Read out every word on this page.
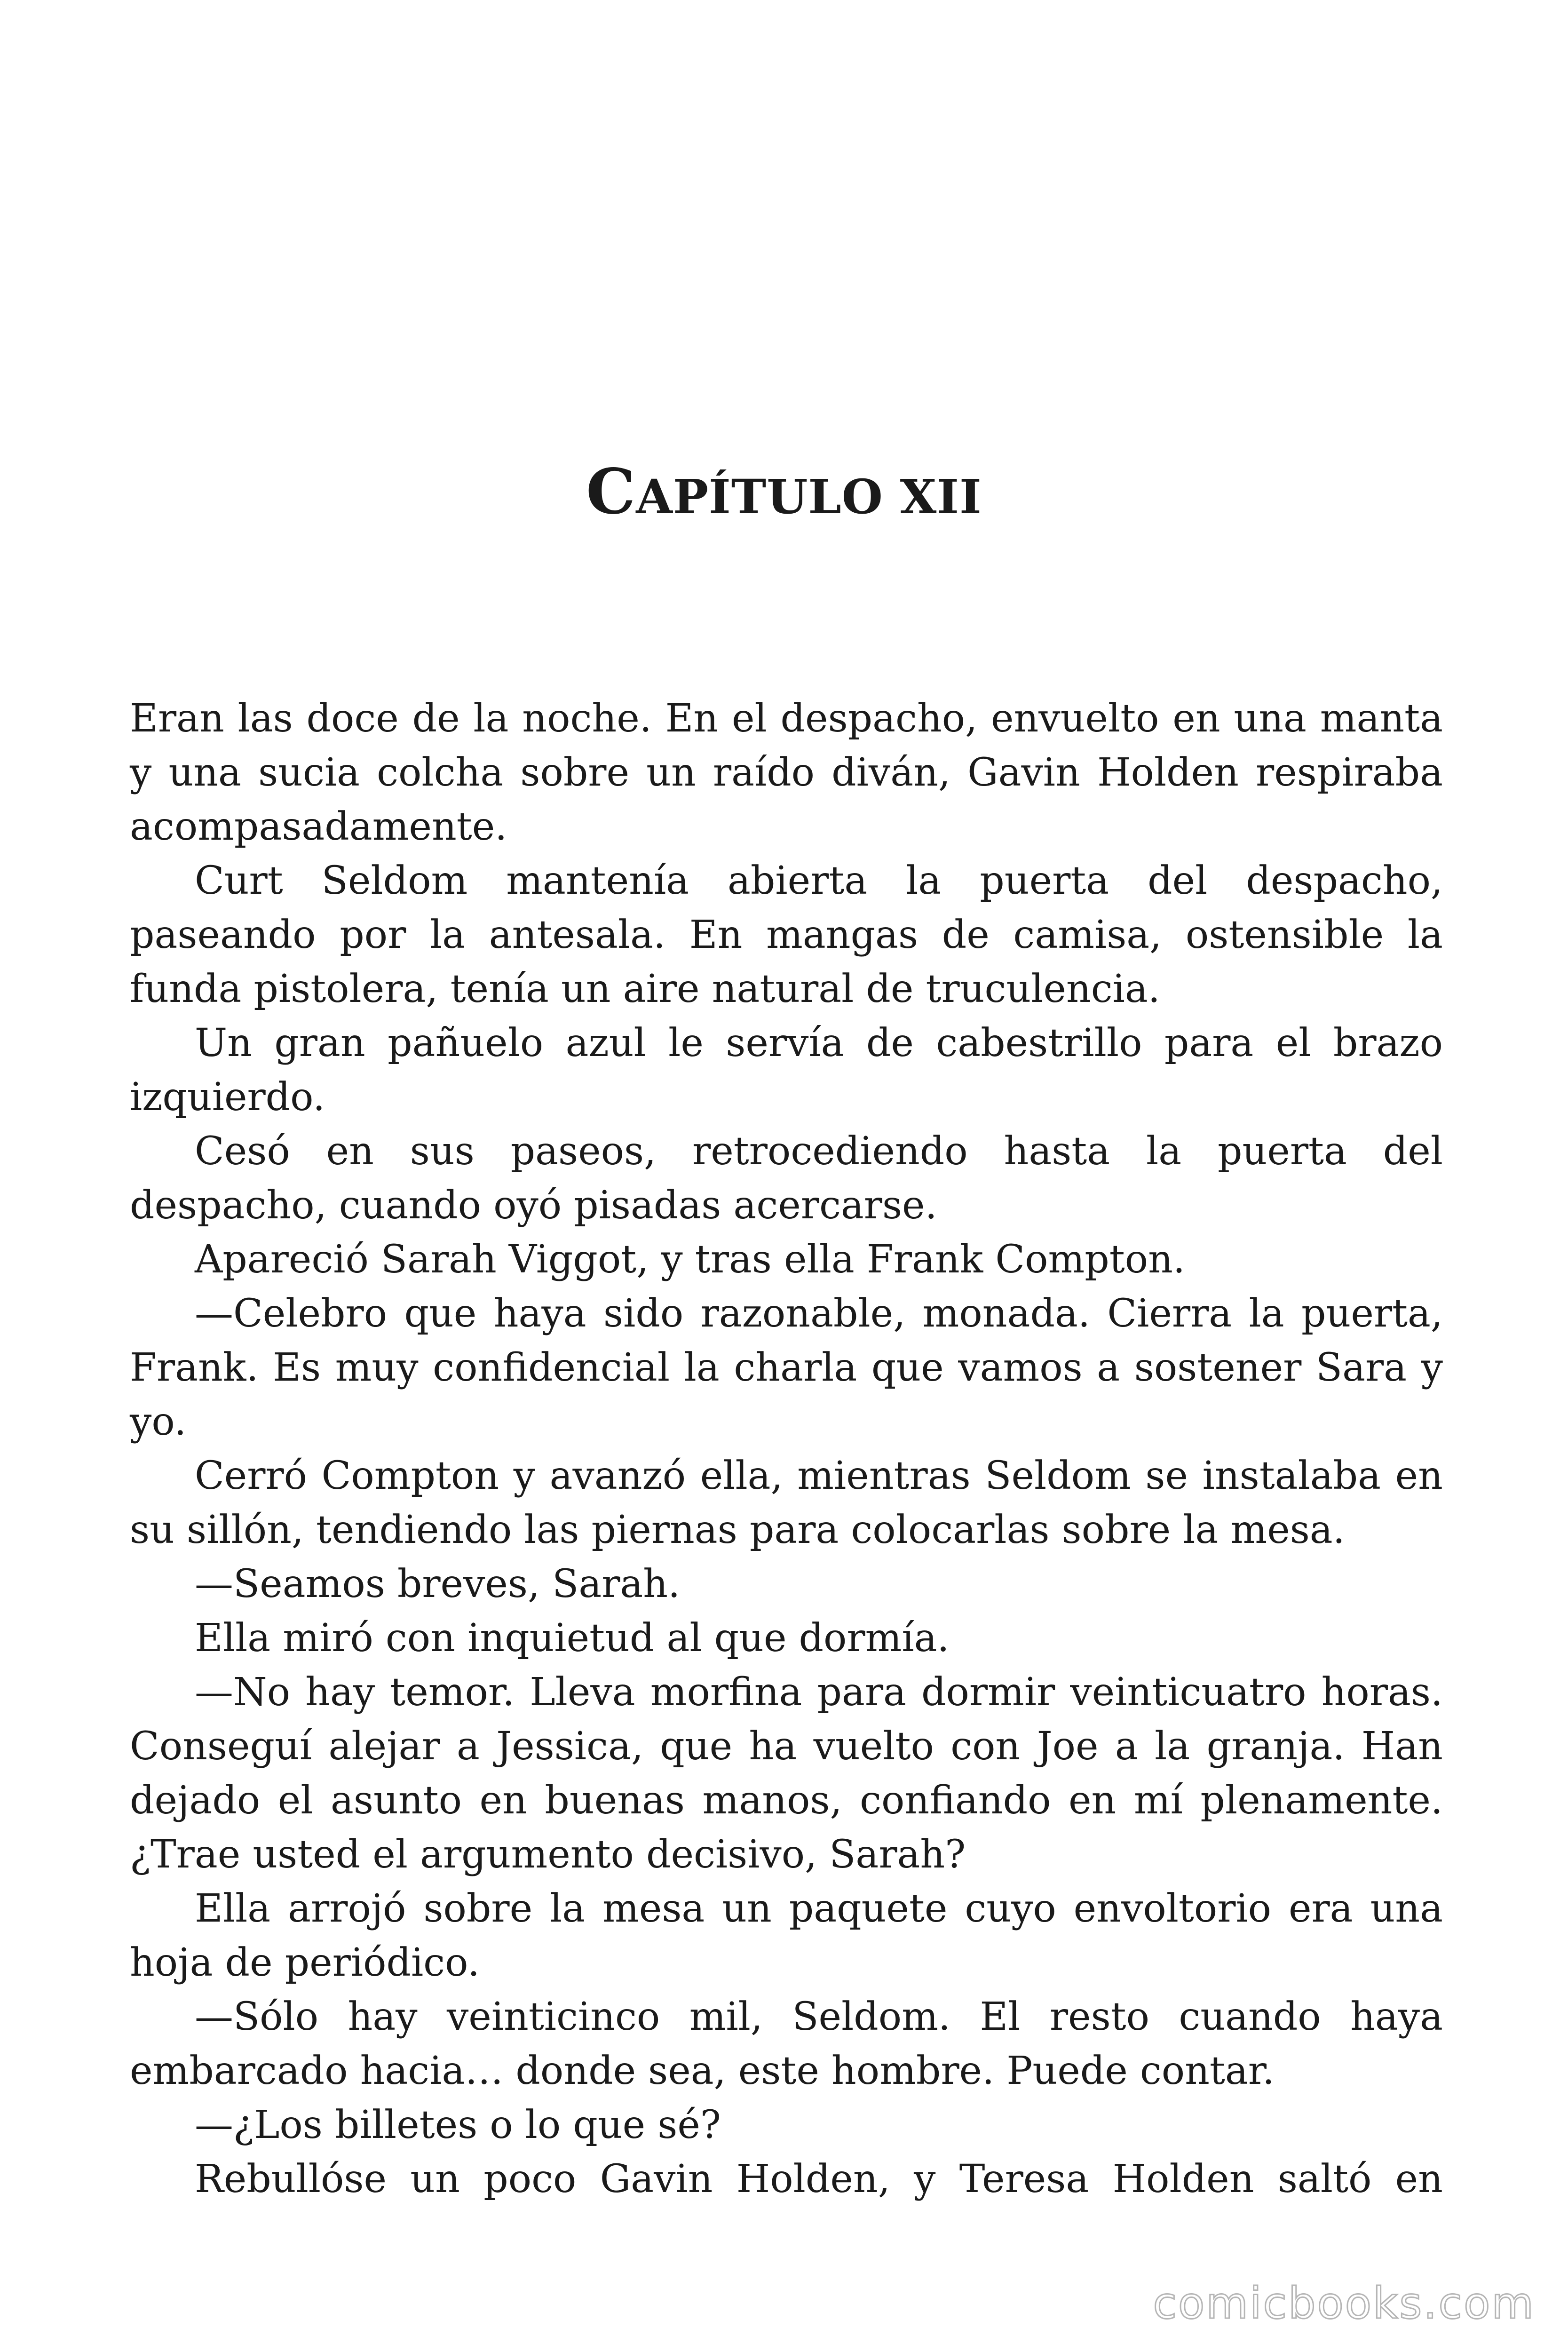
CAPÍTULO XII

Eran las doce de la noche. En el despacho, envuelto en una manta y una sucia colcha sobre un raído diván, Gavin Holden respiraba acompasadamente.

Curt Seldom mantenía abierta la puerta del despacho, paseando por la antesala. En mangas de camisa, ostensible la funda pistolera, tenía un aire natural de truculencia.

Un gran pañuelo azul le servía de cabestrillo para el brazo izquierdo.

Cesó en sus paseos, retrocediendo hasta la puerta del despacho, cuando oyó pisadas acercarse.

Apareció Sarah Viggot, y tras ella Frank Compton.

—Celebro que haya sido razonable, monada. Cierra la puerta, Frank. Es muy confidencial la charla que vamos a sostener Sara y yo.

Cerró Compton y avanzó ella, mientras Seldom se instalaba en su sillón, tendiendo las piernas para colocarlas sobre la mesa.

—Seamos breves, Sarah.

Ella miró con inquietud al que dormía.

—No hay temor. Lleva morfina para dormir veinticuatro horas. Conseguí alejar a Jessica, que ha vuelto con Joe a la granja. Han dejado el asunto en buenas manos, confiando en mí plenamente. ¿Trae usted el argumento decisivo, Sarah?

Ella arrojó sobre la mesa un paquete cuyo envoltorio era una hoja de periódico.

—Sólo hay veinticinco mil, Seldom. El resto cuando haya embarcado hacia… donde sea, este hombre. Puede contar.

—¿Los billetes o lo que sé?

Rebullóse un poco Gavin Holden, y Teresa Holden saltó en

comicbooks.com
